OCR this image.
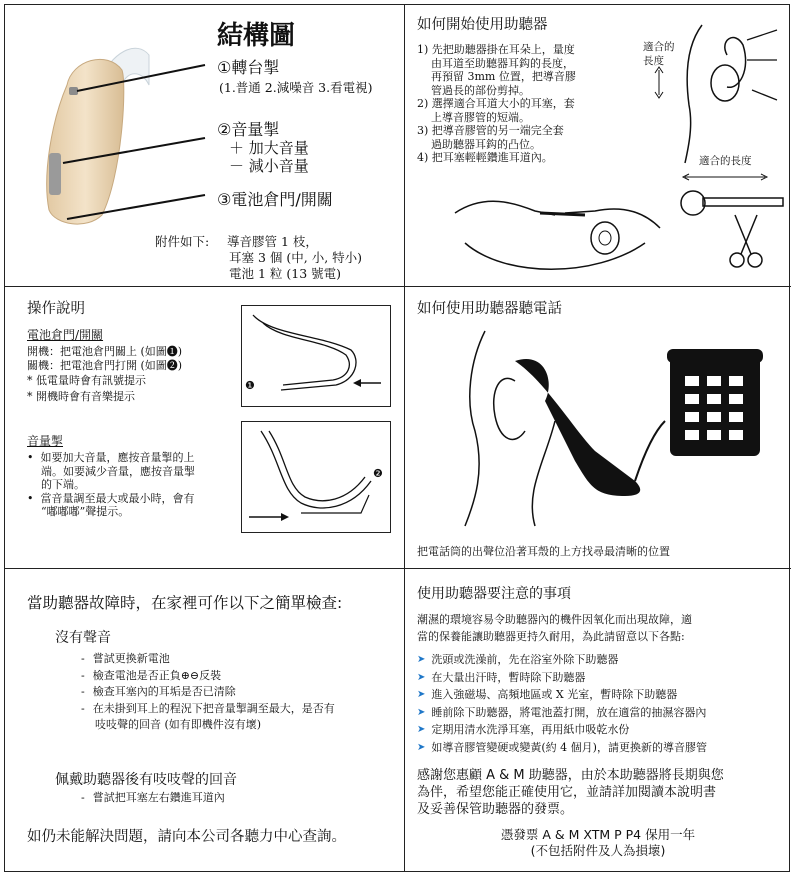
結構圖
①轉台掣
(1.普通 2.減噪音 3.看電視)
②音量掣
＋ 加大音量
－ 減小音量
③電池倉門/開關
附件如下: 導音膠管 1 枝，
耳塞 3 個 (中, 小, 特小)
電池 1 粒 (13 號電)
如何開始使用助聽器
1) 先把助聽器掛在耳朵上，量度
由耳道至助聽器耳鈎的長度，
再預留 3mm 位置，把導音膠
管過長的部份剪掉。
2) 選擇適合耳道大小的耳塞，套
上導音膠管的短端。
3) 把導音膠管的另一端完全套
過助聽器耳鈎的凸位。
4) 把耳塞輕輕鑽進耳道內。
適合的
長度
適合的長度
操作說明
電池倉門/開關
開機：把電池倉門關上 (如圖❶)
關機：把電池倉門打開 (如圖❷)
* 低電量時會有訊號提示
* 開機時會有音樂提示
音量掣
•  如要加大音量，應按音量掣的上
端。如要減少音量，應按音量掣
的下端。
•  當音量調至最大或最小時，會有
“嘟嘟嘟”聲提示。
❶
❷
如何使用助聽器聽電話
把電話筒的出聲位沿著耳殼的上方找尋最清晰的位置
當助聽器故障時，在家裡可作以下之簡單檢查:
沒有聲音
- 嘗試更換新電池
- 檢查電池是否正負⊕⊖反裝
- 檢查耳塞內的耳垢是否已清除
- 在未掛到耳上的程況下把音量掣調至最大，是否有
吱吱聲的回音 (如有即機件沒有壞)
佩戴助聽器後有吱吱聲的回音
- 嘗試把耳塞左右鑽進耳道內
如仍未能解決問題，請向本公司各聽力中心查詢。
使用助聽器要注意的事項
潮濕的環境容易令助聽器內的機件因氧化而出現故障，適
當的保養能讓助聽器更持久耐用，為此請留意以下各點:
➤ 洗頭或洗澡前，先在浴室外除下助聽器
➤ 在大量出汗時，暫時除下助聽器
➤ 進入強磁場、高頻地區或 X 光室，暫時除下助聽器
➤ 睡前除下助聽器，將電池蓋打開，放在適當的抽濕容器內
➤ 定期用清水洗淨耳塞，再用紙巾吸乾水份
➤ 如導音膠管變硬或變黃(約 4 個月)，請更換新的導音膠管
感謝您惠顧 A & M 助聽器，由於本助聽器將長期與您
為伴，希望您能正確使用它，並請詳加閱讀本說明書
及妥善保管助聽器的發票。
憑發票 A & M XTM P P4 保用一年
(不包括附件及人為損壞)
